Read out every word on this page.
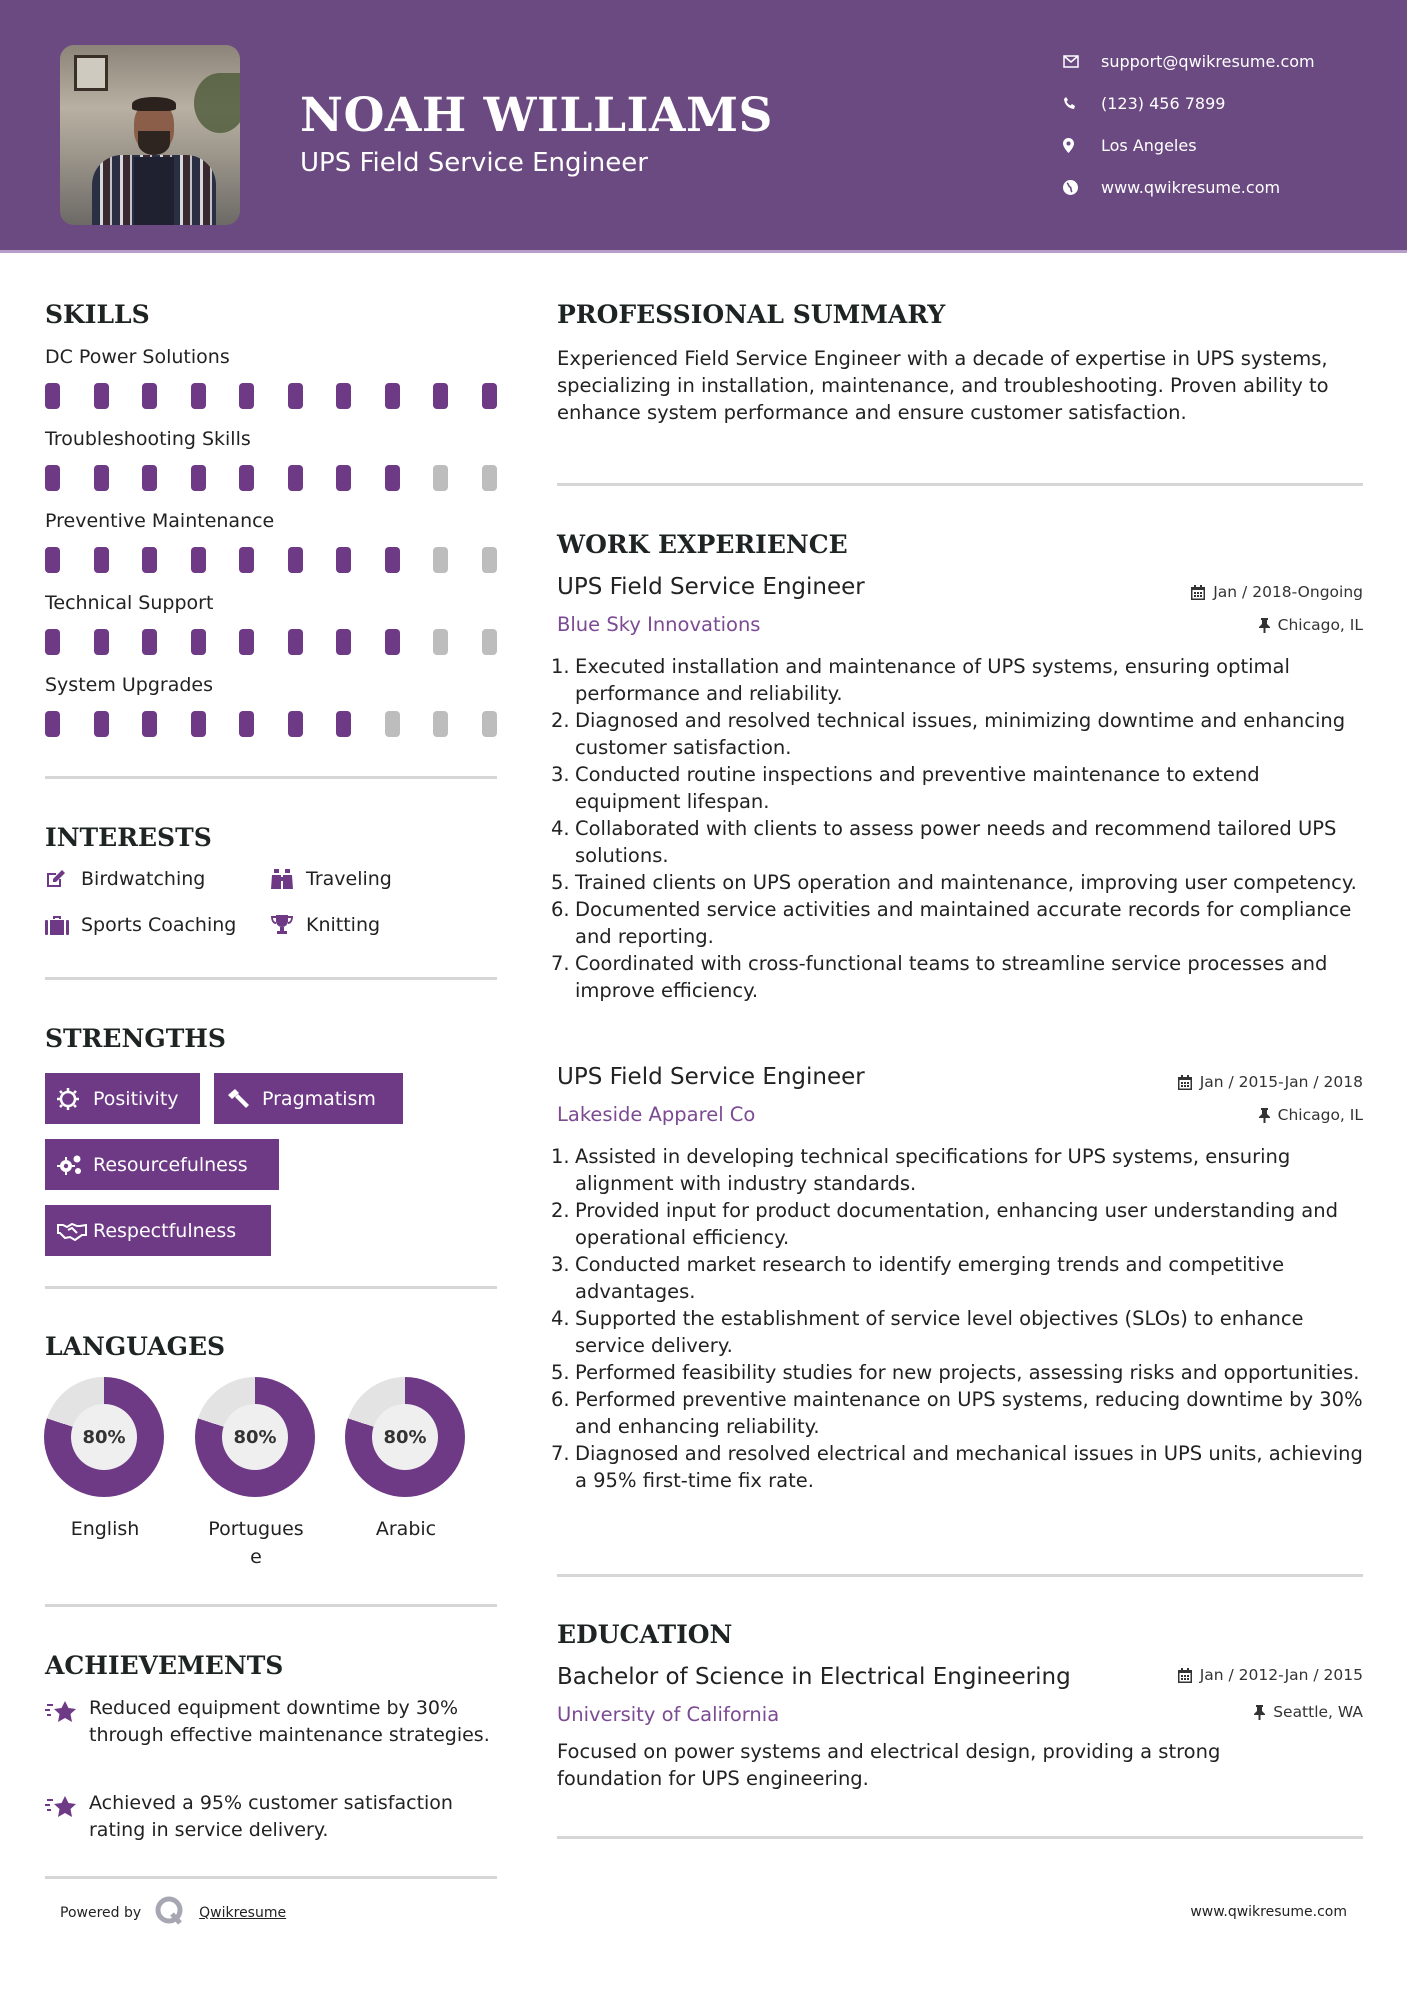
NOAH WILLIAMS
UPS Field Service Engineer
support@qwikresume.com
(123) 456 7899
Los Angeles
www.qwikresume.com
SKILLS
DC Power Solutions
Troubleshooting Skills
Preventive Maintenance
Technical Support
System Upgrades
INTERESTS
Birdwatching	Traveling
Sports Coaching	Knitting
STRENGTHS
Positivity	Pragmatism
Resourcefulness
Respectfulness
LANGUAGES
80%
English
80%
Portuguese
80%
Arabic
ACHIEVEMENTS
Reduced equipment downtime by 30% through effective maintenance strategies.
Achieved a 95% customer satisfaction rating in service delivery.
PROFESSIONAL SUMMARY
Experienced Field Service Engineer with a decade of expertise in UPS systems, specializing in installation, maintenance, and troubleshooting. Proven ability to enhance system performance and ensure customer satisfaction.
WORK EXPERIENCE
UPS Field Service Engineer	Jan / 2018-Ongoing
Blue Sky Innovations	Chicago, IL
Executed installation and maintenance of UPS systems, ensuring optimal performance and reliability.
Diagnosed and resolved technical issues, minimizing downtime and enhancing customer satisfaction.
Conducted routine inspections and preventive maintenance to extend equipment lifespan.
Collaborated with clients to assess power needs and recommend tailored UPS solutions.
Trained clients on UPS operation and maintenance, improving user competency.
Documented service activities and maintained accurate records for compliance and reporting.
Coordinated with cross-functional teams to streamline service processes and improve efficiency.
UPS Field Service Engineer	Jan / 2015-Jan / 2018
Lakeside Apparel Co	Chicago, IL
Assisted in developing technical specifications for UPS systems, ensuring alignment with industry standards.
Provided input for product documentation, enhancing user understanding and operational efficiency.
Conducted market research to identify emerging trends and competitive advantages.
Supported the establishment of service level objectives (SLOs) to enhance service delivery.
Performed feasibility studies for new projects, assessing risks and opportunities.
Performed preventive maintenance on UPS systems, reducing downtime by 30% and enhancing reliability.
Diagnosed and resolved electrical and mechanical issues in UPS units, achieving a 95% first-time fix rate.
EDUCATION
Bachelor of Science in Electrical Engineering	Jan / 2012-Jan / 2015
University of California	Seattle, WA
Focused on power systems and electrical design, providing a strong foundation for UPS engineering.
Powered by	Qwikresume	www.qwikresume.com
